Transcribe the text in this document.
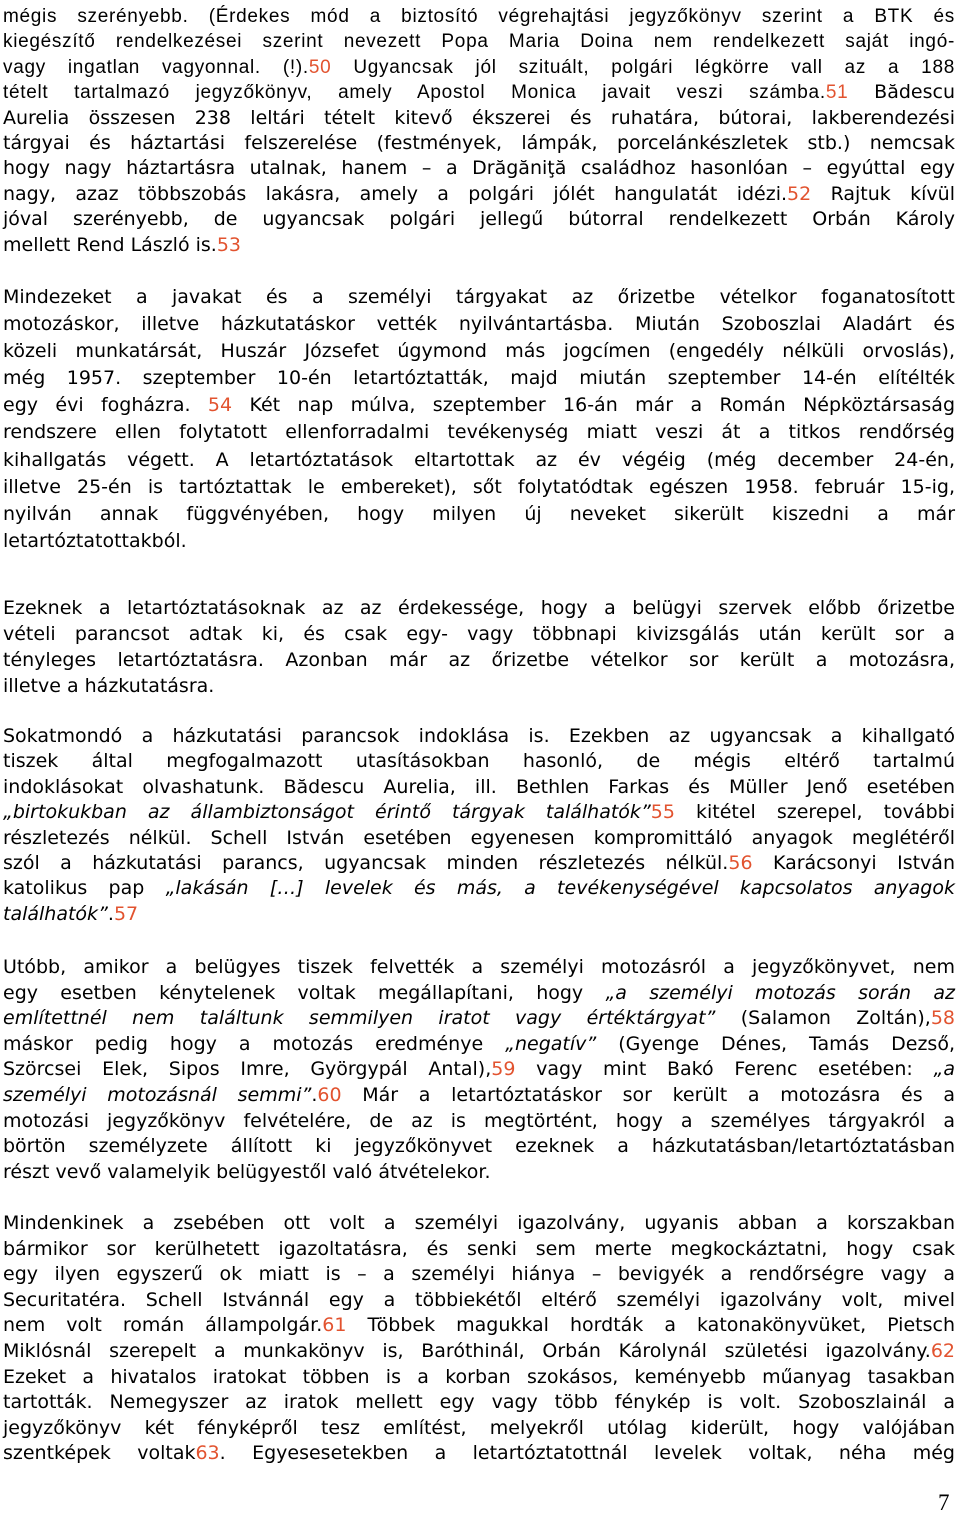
mégis szerényebb. (Érdekes mód a biztosító végrehajtási jegyzőkönyv szerint a BTK és
kiegészítő rendelkezései szerint nevezett Popa Maria Doina nem rendelkezett saját ingó-
vagy ingatlan vagyonnal. (!).50 Ugyancsak jól szituált, polgári légkörre vall az a 188
tételt tartalmazó jegyzőkönyv, amely Apostol Monica javait veszi számba.51 Bădescu
Aurelia összesen 238 leltári tételt kitevő ékszerei és ruhatára, bútorai, lakberendezési
tárgyai és háztartási felszerelése (festmények, lámpák, porcelánkészletek stb.) nemcsak
hogy nagy háztartásra utalnak, hanem – a Drăgăniţă családhoz hasonlóan – egyúttal egy
nagy, azaz többszobás lakásra, amely a polgári jólét hangulatát idézi.52 Rajtuk kívül
jóval szerényebb, de ugyancsak polgári jellegű bútorral rendelkezett Orbán Károly
mellett Rend László is.53
Mindezeket a javakat és a személyi tárgyakat az őrizetbe vételkor foganatosított
motozáskor, illetve házkutatáskor vették nyilvántartásba. Miután Szoboszlai Aladárt és
közeli munkatársát, Huszár Józsefet úgymond más jogcímen (engedély nélküli orvoslás),
még 1957. szeptember 10-én letartóztatták, majd miután szeptember 14-én elítélték
egy évi fogházra. 54 Két nap múlva, szeptember 16-án már a Román Népköztársaság
rendszere ellen folytatott ellenforradalmi tevékenység miatt veszi át a titkos rendőrség
kihallgatás végett. A letartóztatások eltartottak az év végéig (még december 24-én,
illetve 25-én is tartóztattak le embereket), sőt folytatódtak egészen 1958. február 15-ig,
nyilván annak függvényében, hogy milyen új neveket sikerült kiszedni a már
letartóztatottakból.
Ezeknek a letartóztatásoknak az az érdekessége, hogy a belügyi szervek előbb őrizetbe
vételi parancsot adtak ki, és csak egy- vagy többnapi kivizsgálás után került sor a
tényleges letartóztatásra. Azonban már az őrizetbe vételkor sor került a motozásra,
illetve a házkutatásra.
Sokatmondó a házkutatási parancsok indoklása is. Ezekben az ugyancsak a kihallgató
tiszek által megfogalmazott utasításokban hasonló, de mégis eltérő tartalmú
indoklásokat olvashatunk. Bădescu Aurelia, ill. Bethlen Farkas és Müller Jenő esetében
„birtokukban az állambiztonságot érintő tárgyak találhatók”55 kitétel szerepel, további
részletezés nélkül. Schell István esetében egyenesen kompromittáló anyagok meglétéről
szól a házkutatási parancs, ugyancsak minden részletezés nélkül.56 Karácsonyi István
katolikus pap „lakásán […] levelek és más, a tevékenységével kapcsolatos anyagok
találhatók”.57
Utóbb, amikor a belügyes tiszek felvették a személyi motozásról a jegyzőkönyvet, nem
egy esetben kénytelenek voltak megállapítani, hogy „a személyi motozás során az
említettnél nem találtunk semmilyen iratot vagy értéktárgyat” (Salamon Zoltán),58
máskor pedig hogy a motozás eredménye „negatív” (Gyenge Dénes, Tamás Dezső,
Szörcsei Elek, Sipos Imre, Györgypál Antal),59 vagy mint Bakó Ferenc esetében: „a
személyi motozásnál semmi”.60 Már a letartóztatáskor sor került a motozásra és a
motozási jegyzőkönyv felvételére, de az is megtörtént, hogy a személyes tárgyakról a
börtön személyzete állított ki jegyzőkönyvet ezeknek a házkutatásban/letartóztatásban
részt vevő valamelyik belügyestől való átvételekor.
Mindenkinek a zsebében ott volt a személyi igazolvány, ugyanis abban a korszakban
bármikor sor kerülhetett igazoltatásra, és senki sem merte megkockáztatni, hogy csak
egy ilyen egyszerű ok miatt is – a személyi hiánya – bevigyék a rendőrségre vagy a
Securitatéra. Schell Istvánnál egy a többiekétől eltérő személyi igazolvány volt, mivel
nem volt román állampolgár.61 Többek magukkal hordták a katonakönyvüket, Pietsch
Miklósnál szerepelt a munkakönyv is, Baróthinál, Orbán Károlynál születési igazolvány.62
Ezeket a hivatalos iratokat többen is a korban szokásos, keményebb műanyag tasakban
tartották. Nemegyszer az iratok mellett egy vagy több fénykép is volt. Szoboszlainál a
jegyzőkönyv két fényképről tesz említést, melyekről utólag kiderült, hogy valójában
szentképek voltak63. Egyesesetekben a letartóztatottnál levelek voltak, néha még
7
